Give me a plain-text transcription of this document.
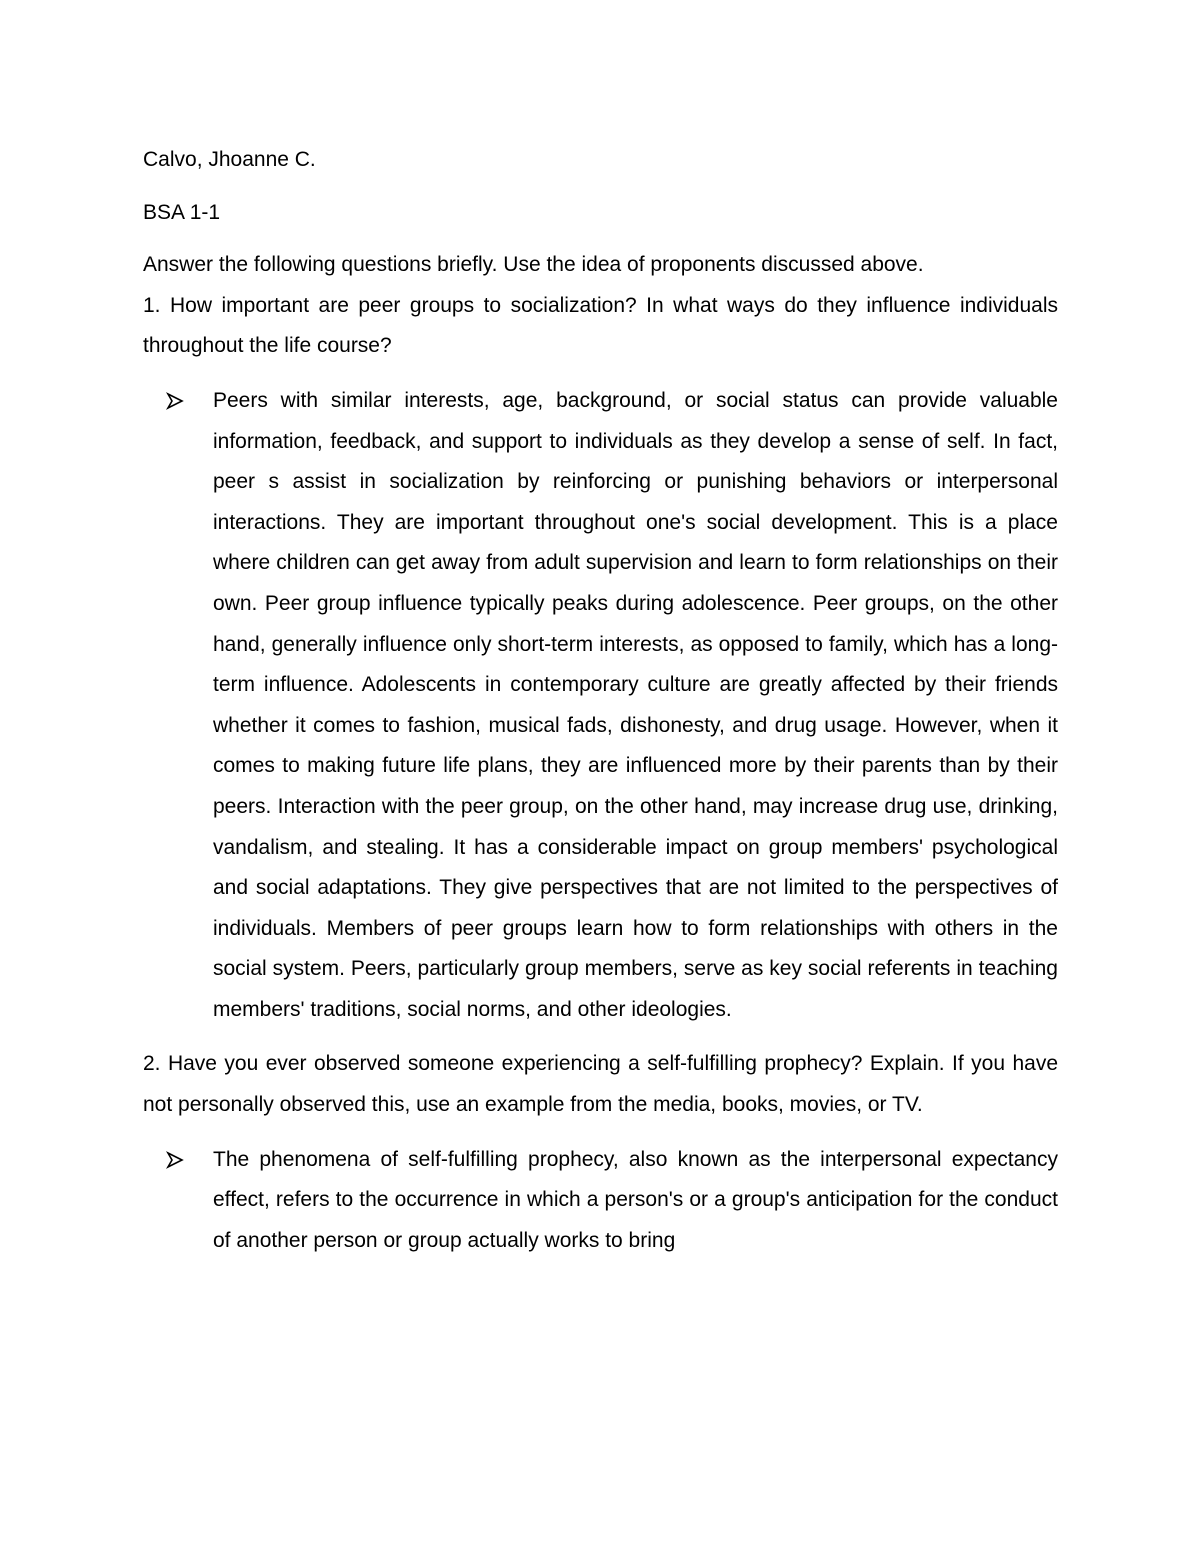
Calvo, Jhoanne C.

BSA 1-1

Answer the following questions briefly. Use the idea of proponents discussed above.

1. How important are peer groups to socialization? In what ways do they influence individuals throughout the life course?

Peers with similar interests, age, background, or social status can provide valuable information, feedback, and support to individuals as they develop a sense of self. In fact, peer s assist in socialization by reinforcing or punishing behaviors or interpersonal interactions. They are important throughout one's social development. This is a place where children can get away from adult supervision and learn to form relationships on their own. Peer group influence typically peaks during adolescence. Peer groups, on the other hand, generally influence only short-term interests, as opposed to family, which has a long-term influence. Adolescents in contemporary culture are greatly affected by their friends whether it comes to fashion, musical fads, dishonesty, and drug usage. However, when it comes to making future life plans, they are influenced more by their parents than by their peers. Interaction with the peer group, on the other hand, may increase drug use, drinking, vandalism, and stealing. It has a considerable impact on group members' psychological and social adaptations. They give perspectives that are not limited to the perspectives of individuals. Members of peer groups learn how to form relationships with others in the social system. Peers, particularly group members, serve as key social referents in teaching members' traditions, social norms, and other ideologies.

2. Have you ever observed someone experiencing a self-fulfilling prophecy? Explain. If you have not personally observed this, use an example from the media, books, movies, or TV.

The phenomena of self-fulfilling prophecy, also known as the interpersonal expectancy effect, refers to the occurrence in which a person's or a group's anticipation for the conduct of another person or group actually works to bring
